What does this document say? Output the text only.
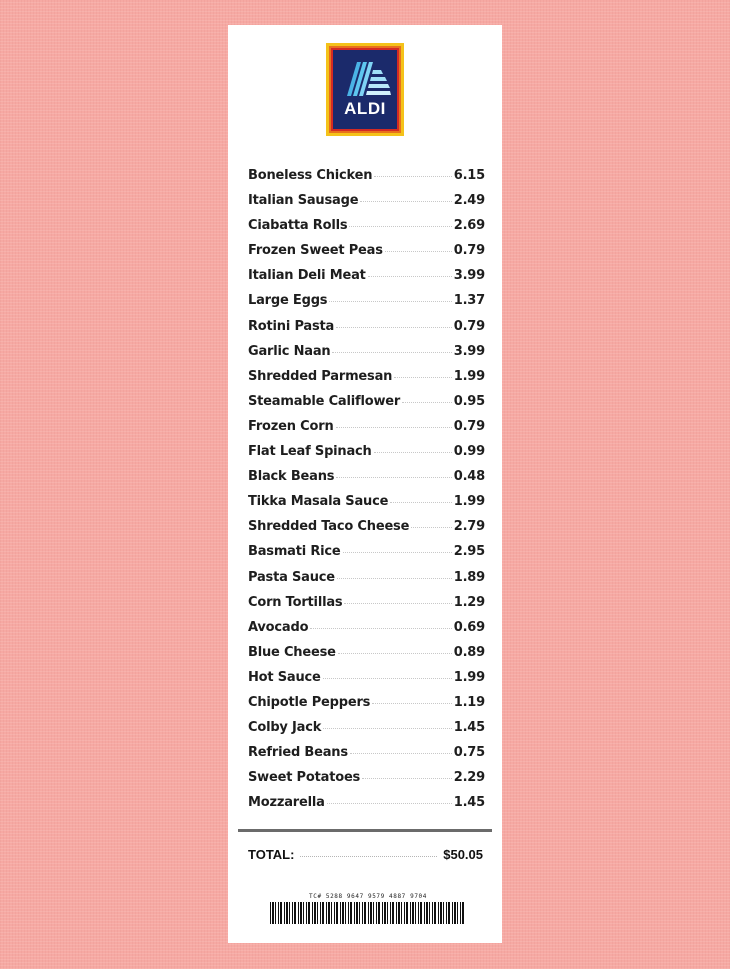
ALDI
Boneless Chicken	6.15
Italian Sausage	2.49
Ciabatta Rolls	2.69
Frozen Sweet Peas	0.79
Italian Deli Meat	3.99
Large Eggs	1.37
Rotini Pasta	0.79
Garlic Naan	3.99
Shredded Parmesan	1.99
Steamable Califlower	0.95
Frozen Corn	0.79
Flat Leaf Spinach	0.99
Black Beans	0.48
Tikka Masala Sauce	1.99
Shredded Taco Cheese	2.79
Basmati Rice	2.95
Pasta Sauce	1.89
Corn Tortillas	1.29
Avocado	0.69
Blue Cheese	0.89
Hot Sauce	1.99
Chipotle Peppers	1.19
Colby Jack	1.45
Refried Beans	0.75
Sweet Potatoes	2.29
Mozzarella	1.45
TOTAL:	$50.05
TC# 5288 9647 9579 4887 9704
